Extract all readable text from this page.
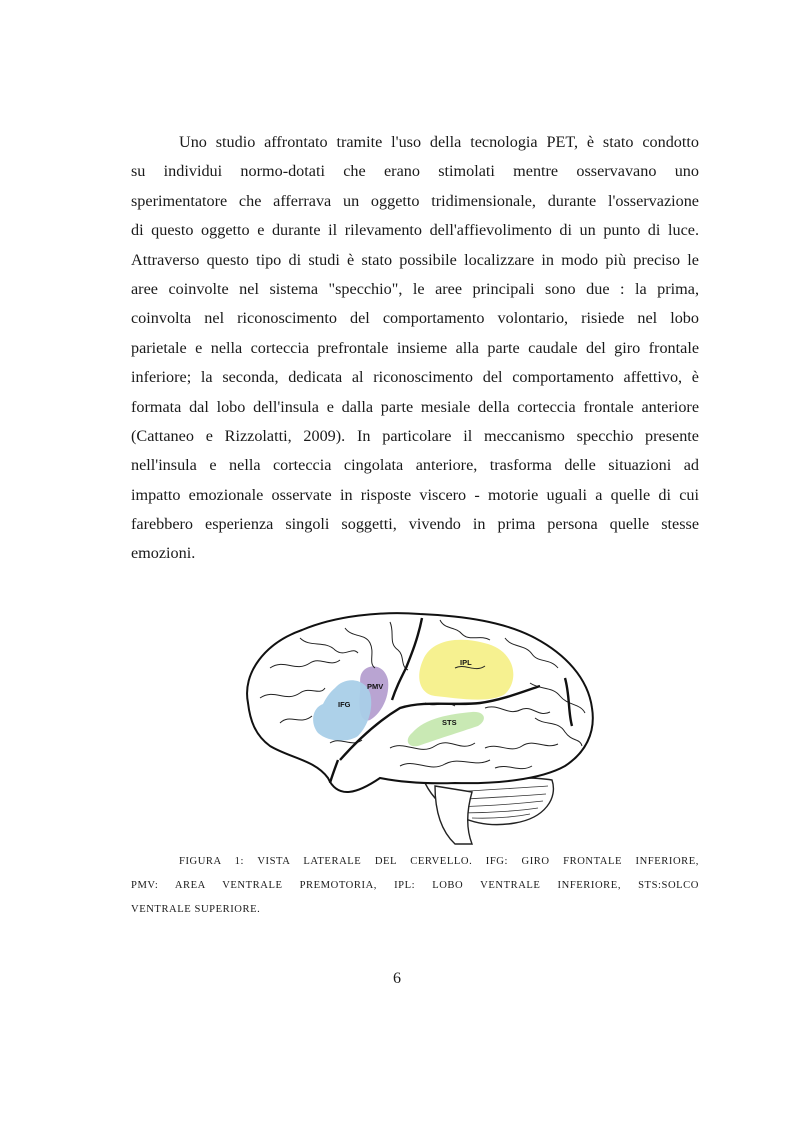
Uno studio affrontato tramite l'uso della tecnologia PET, è stato condotto
su individui normo-dotati che erano stimolati mentre osservavano uno
sperimentatore che afferrava un oggetto tridimensionale, durante l'osservazione
di questo oggetto e durante il rilevamento dell'affievolimento di un punto di luce.
Attraverso questo tipo di studi è stato possibile localizzare in modo più preciso le
aree coinvolte nel sistema "specchio", le aree principali sono due : la prima,
coinvolta nel riconoscimento del comportamento volontario, risiede nel lobo
parietale e nella corteccia prefrontale insieme alla parte caudale del giro frontale
inferiore; la seconda, dedicata al riconoscimento del comportamento affettivo, è
formata dal lobo dell'insula e dalla parte mesiale della corteccia frontale anteriore
(Cattaneo e Rizzolatti, 2009). In particolare il meccanismo specchio presente
nell'insula e nella corteccia cingolata anteriore, trasforma delle situazioni ad
impatto emozionale osservate in risposte viscero - motorie uguali a quelle di cui
farebbero esperienza singoli soggetti, vivendo in prima persona quelle stesse
emozioni.
IPL
PMV
IFG
STS
FIGURA 1: VISTA LATERALE DEL CERVELLO. IFG: GIRO FRONTALE INFERIORE,
PMV: AREA VENTRALE PREMOTORIA, IPL: LOBO VENTRALE INFERIORE, STS:SOLCO
VENTRALE SUPERIORE.
6
